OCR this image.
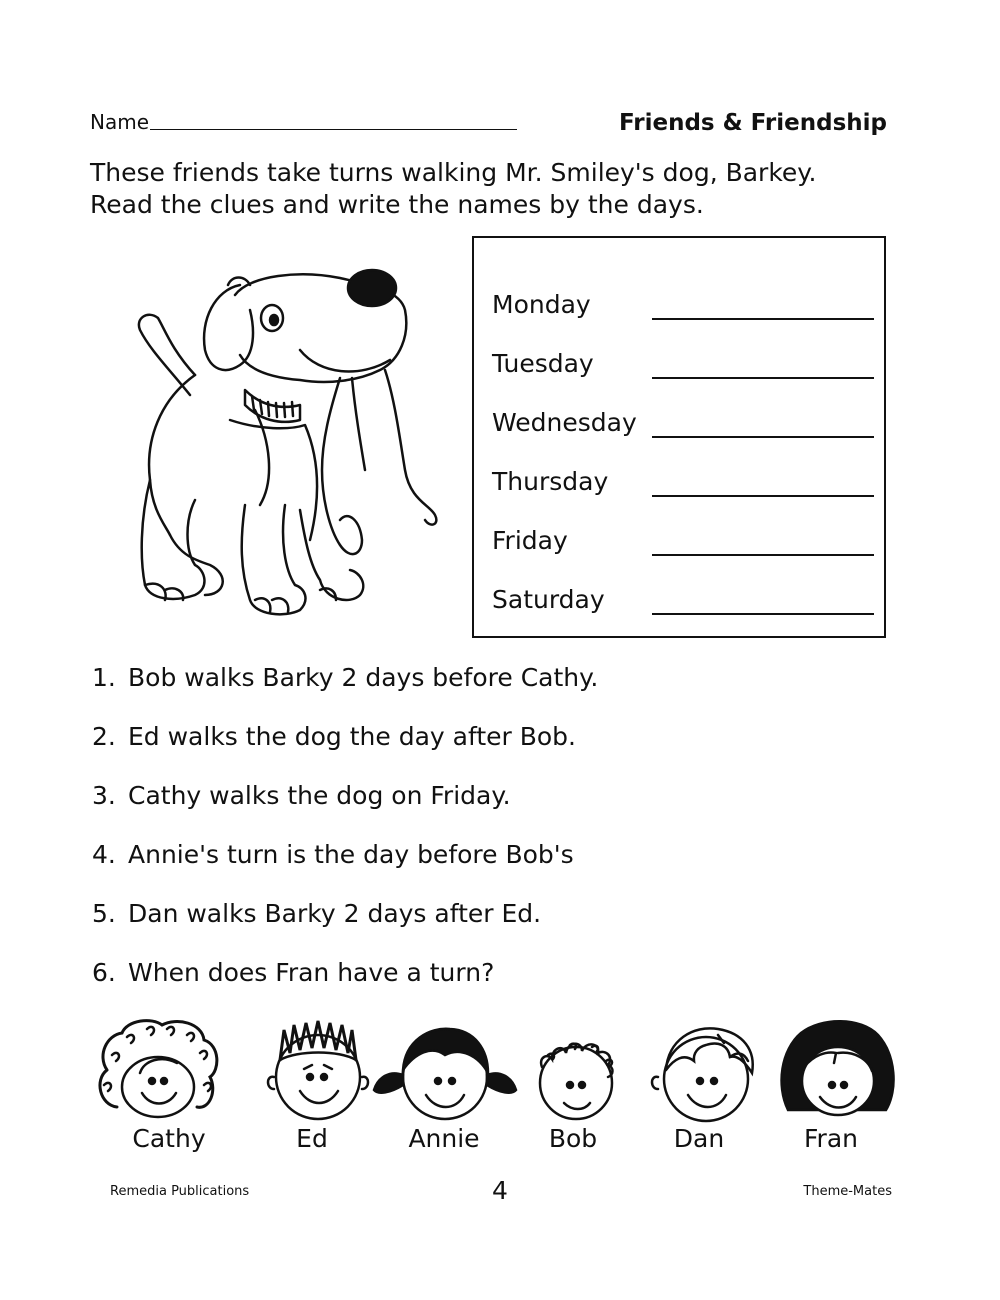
Name	Friends & Friendship
These friends take turns walking Mr. Smiley's dog, Barkey.
Read the clues and write the names by the days.
Monday
Tuesday
Wednesday
Thursday
Friday
Saturday
1. Bob walks Barky 2 days before Cathy.
2. Ed walks the dog the day after Bob.
3. Cathy walks the dog on Friday.
4. Annie's turn is the day before Bob's
5. Dan walks Barky 2 days after Ed.
6. When does Fran have a turn?
Cathy	Ed	Annie	Bob	Dan	Fran
Remedia Publications	4	Theme-Mates
